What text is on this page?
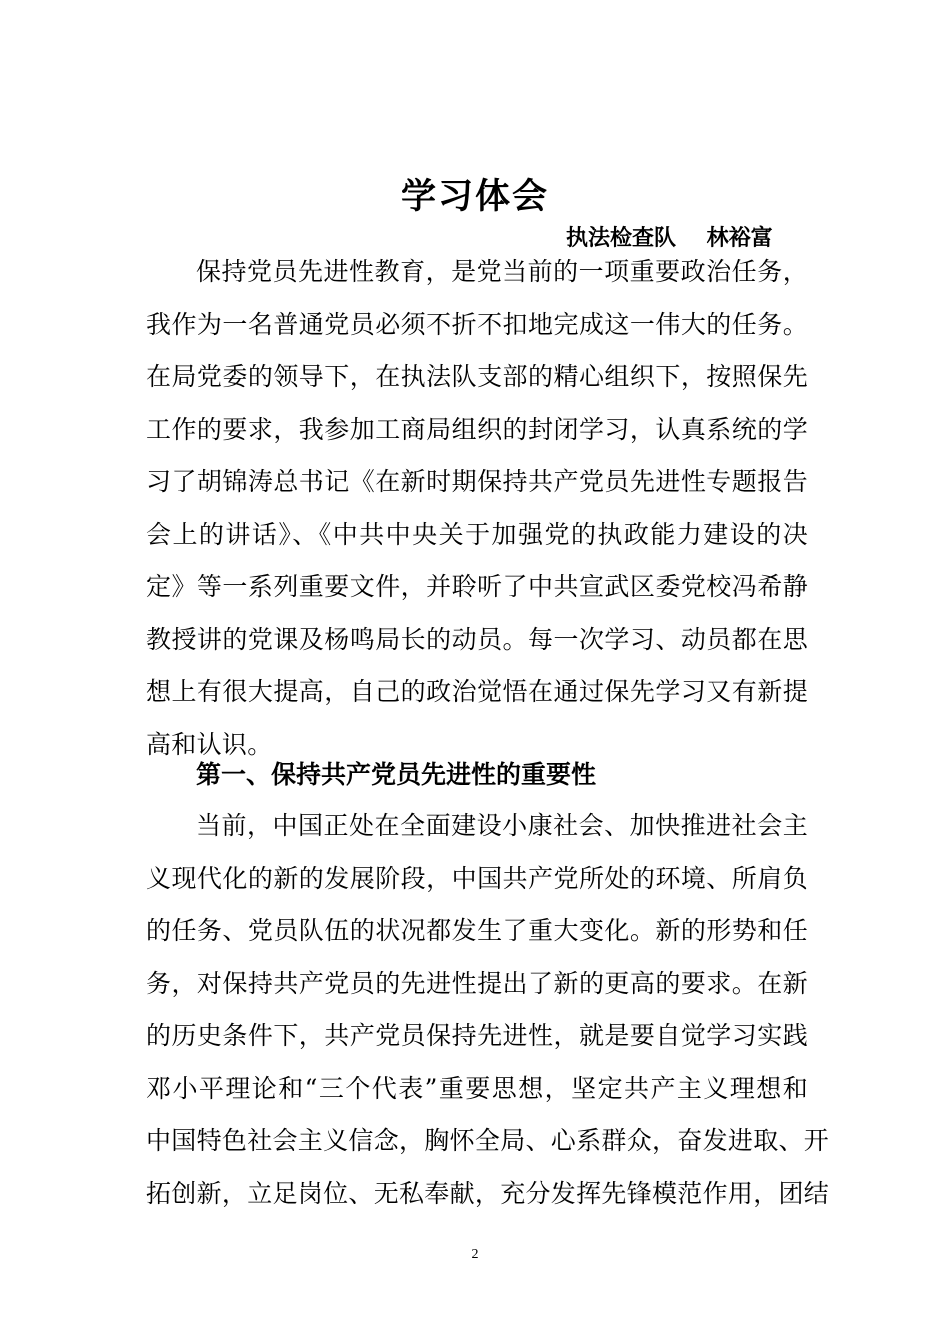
学习体会
执法检查队    林裕富
保持党员先进性教育，是党当前的一项重要政治任务，
我作为一名普通党员必须不折不扣地完成这一伟大的任务。
在局党委的领导下，在执法队支部的精心组织下，按照保先
工作的要求，我参加工商局组织的封闭学习，认真系统的学
习了胡锦涛总书记《在新时期保持共产党员先进性专题报告
会上的讲话》、《中共中央关于加强党的执政能力建设的决
定》等一系列重要文件，并聆听了中共宣武区委党校冯希静
教授讲的党课及杨鸣局长的动员。每一次学习、动员都在思
想上有很大提高，自己的政治觉悟在通过保先学习又有新提
高和认识。
第一、保持共产党员先进性的重要性
当前，中国正处在全面建设小康社会、加快推进社会主
义现代化的新的发展阶段，中国共产党所处的环境、所肩负
的任务、党员队伍的状况都发生了重大变化。新的形势和任
务，对保持共产党员的先进性提出了新的更高的要求。在新
的历史条件下，共产党员保持先进性，就是要自觉学习实践
邓小平理论和“三个代表”重要思想，坚定共产主义理想和
中国特色社会主义信念，胸怀全局、心系群众，奋发进取、开
拓创新，立足岗位、无私奉献，充分发挥先锋模范作用，团结
2
